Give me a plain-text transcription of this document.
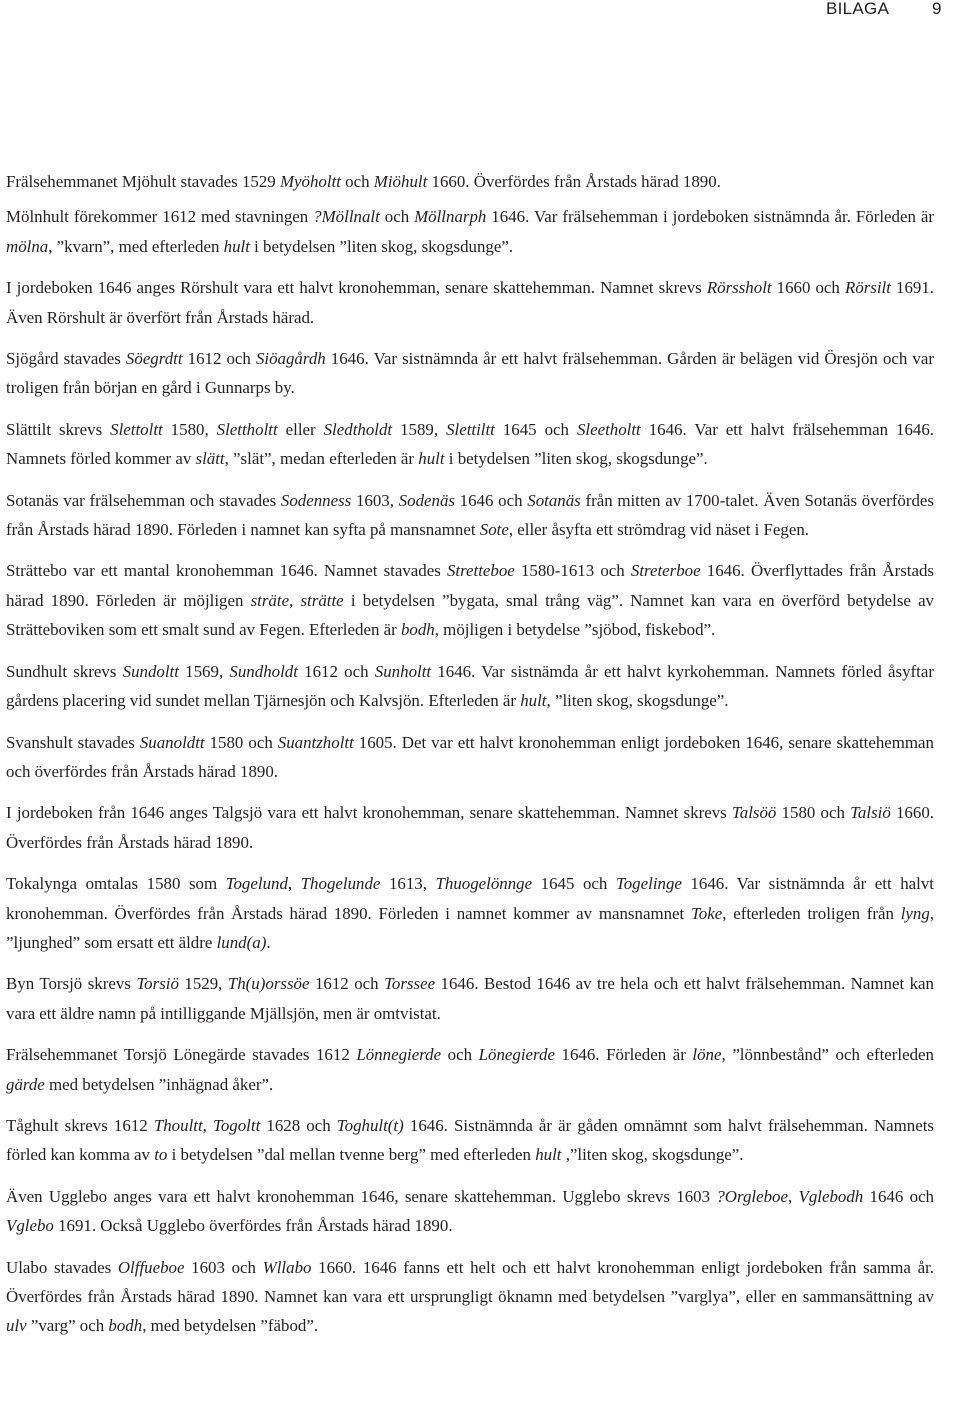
BILAGA	9

Frälsehemmanet Mjöhult stavades 1529 Myöholtt och Miöhult 1660. Överfördes från Årstads härad 1890.

Mölnhult förekommer 1612 med stavningen ?Möllnalt och Möllnarph 1646. Var frälsehemman i jordeboken sistnämnda år. Förleden är mölna, ”kvarn”, med efterleden hult i betydelsen ”liten skog, skogsdunge”.

I jordeboken 1646 anges Rörshult vara ett halvt kronohemman, senare skattehemman. Namnet skrevs Rörssholt 1660 och Rörsilt 1691. Även Rörshult är överfört från Årstads härad.

Sjögård stavades Söegrdtt 1612 och Siöagårdh 1646. Var sistnämnda år ett halvt frälsehemman. Gården är belägen vid Öresjön och var troligen från början en gård i Gunnarps by.

Slättilt skrevs Slettoltt 1580, Slettholtt eller Sledtholdt 1589, Slettiltt 1645 och Sleetholtt 1646. Var ett halvt frälsehemman 1646. Namnets förled kommer av slätt, ”slät”, medan efterleden är hult i betydelsen ”liten skog, skogsdunge”.

Sotanäs var frälsehemman och stavades Sodenness 1603, Sodenäs 1646 och Sotanäs från mitten av 1700-talet. Även Sotanäs överfördes från Årstads härad 1890. Förleden i namnet kan syfta på mansnamnet Sote, eller åsyfta ett strömdrag vid näset i Fegen.

Strättebo var ett mantal kronohemman 1646. Namnet stavades Stretteboe 1580-1613 och Streterboe 1646. Överflyttades från Årstads härad 1890. Förleden är möjligen sträte, strätte i betydelsen ”bygata, smal trång väg”. Namnet kan vara en överförd betydelse av Strätteboviken som ett smalt sund av Fegen. Efterleden är bodh, möjligen i betydelse ”sjöbod, fiskebod”.

Sundhult skrevs Sundoltt 1569, Sundholdt 1612 och Sunholtt 1646. Var sistnämda år ett halvt kyrkohemman. Namnets förled åsyftar gårdens placering vid sundet mellan Tjärnesjön och Kalvsjön. Efterleden är hult, ”liten skog, skogsdunge”.

Svanshult stavades Suanoldtt 1580 och Suantzholtt 1605. Det var ett halvt kronohemman enligt jordeboken 1646, senare skattehemman och överfördes från Årstads härad 1890.

I jordeboken från 1646 anges Talgsjö vara ett halvt kronohemman, senare skattehemman. Namnet skrevs Talsöö 1580 och Talsiö 1660. Överfördes från Årstads härad 1890.

Tokalynga omtalas 1580 som Togelund, Thogelunde 1613, Thuogelönnge 1645 och Togelinge 1646. Var sistnämnda år ett halvt kronohemman. Överfördes från Årstads härad 1890. Förleden i namnet kommer av mansnamnet Toke, efterleden troligen från lyng, ”ljunghed” som ersatt ett äldre lund(a).

Byn Torsjö skrevs Torsiö 1529, Th(u)orssöe 1612 och Torssee 1646. Bestod 1646 av tre hela och ett halvt frälsehemman. Namnet kan vara ett äldre namn på intilliggande Mjällsjön, men är omtvistat.

Frälsehemmanet Torsjö Lönegärde stavades 1612 Lönnegierde och Lönegierde 1646. Förleden är löne, ”lönnbestånd” och efterleden gärde med betydelsen ”inhägnad åker”.

Tåghult skrevs 1612 Thoultt, Togoltt 1628 och Toghult(t) 1646. Sistnämnda år är gåden omnämnt som halvt frälsehemman. Namnets förled kan komma av to i betydelsen ”dal mellan tvenne berg” med efterleden hult ,”liten skog, skogsdunge”.

Även Ugglebo anges vara ett halvt kronohemman 1646, senare skattehemman. Ugglebo skrevs 1603 ?Orgleboe, Vglebodh 1646 och Vglebo 1691. Också Ugglebo överfördes från Årstads härad 1890.

Ulabo stavades Olffueboe 1603 och Wllabo 1660. 1646 fanns ett helt och ett halvt kronohemman enligt jordeboken från samma år. Överfördes från Årstads härad 1890. Namnet kan vara ett ursprungligt öknamn med betydelsen ”varglya”, eller en sammansättning av ulv ”varg” och bodh, med betydelsen ”fäbod”.
